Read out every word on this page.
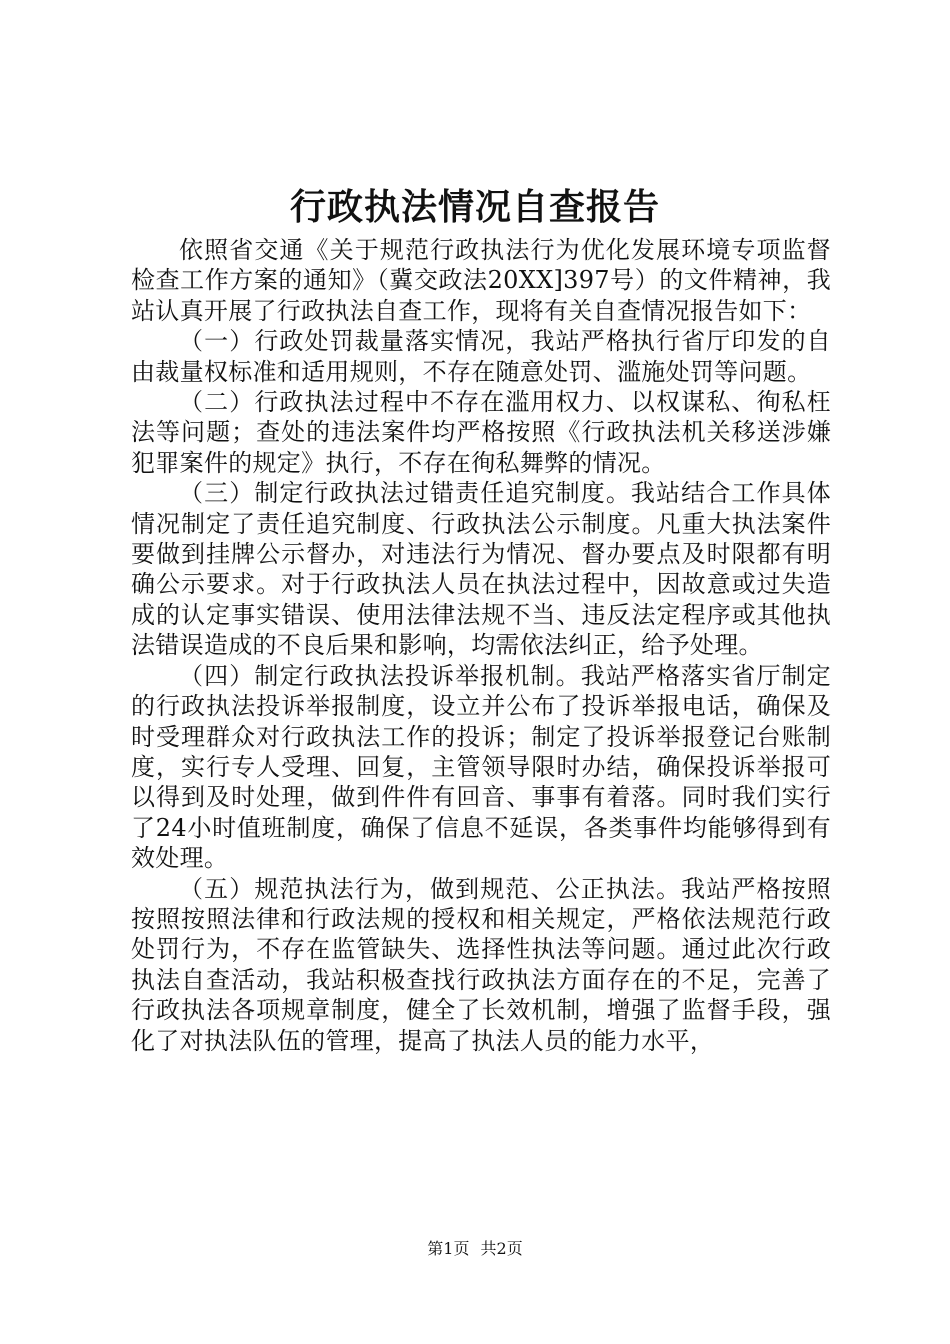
行政执法情况自查报告

依照省交通《关于规范行政执法行为优化发展环境专项监督检查工作方案的通知》（冀交政法20XX]397号）的文件精神，我站认真开展了行政执法自查工作，现将有关自查情况报告如下：

（一）行政处罚裁量落实情况，我站严格执行省厅印发的自由裁量权标准和适用规则，不存在随意处罚、滥施处罚等问题。

（二）行政执法过程中不存在滥用权力、以权谋私、徇私枉法等问题；查处的违法案件均严格按照《行政执法机关移送涉嫌犯罪案件的规定》执行，不存在徇私舞弊的情况。

（三）制定行政执法过错责任追究制度。我站结合工作具体情况制定了责任追究制度、行政执法公示制度。凡重大执法案件要做到挂牌公示督办，对违法行为情况、督办要点及时限都有明确公示要求。对于行政执法人员在执法过程中，因故意或过失造成的认定事实错误、使用法律法规不当、违反法定程序或其他执法错误造成的不良后果和影响，均需依法纠正，给予处理。

（四）制定行政执法投诉举报机制。我站严格落实省厅制定的行政执法投诉举报制度，设立并公布了投诉举报电话，确保及时受理群众对行政执法工作的投诉；制定了投诉举报登记台账制度，实行专人受理、回复，主管领导限时办结，确保投诉举报可以得到及时处理，做到件件有回音、事事有着落。同时我们实行了24小时值班制度，确保了信息不延误，各类事件均能够得到有效处理。

（五）规范执法行为，做到规范、公正执法。我站严格按照按照按照法律和行政法规的授权和相关规定，严格依法规范行政处罚行为，不存在监管缺失、选择性执法等问题。通过此次行政执法自查活动，我站积极查找行政执法方面存在的不足，完善了行政执法各项规章制度，健全了长效机制，增强了监督手段，强化了对执法队伍的管理，提高了执法人员的能力水平，

第1页 共2页
